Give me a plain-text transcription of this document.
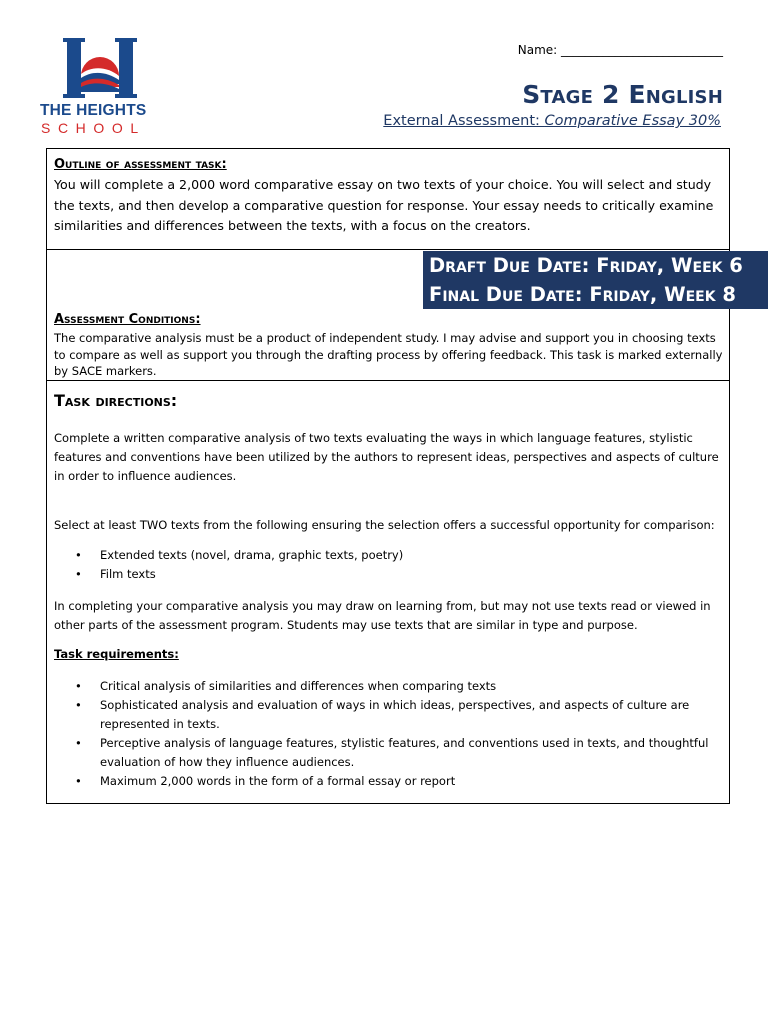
THE HEIGHTS
SCHOOL
Name: ___________________________
Stage 2 English
External Assessment: Comparative Essay 30%
Outline of assessment task:
You will complete a 2,000 word comparative essay on two texts of your choice. You will select and study the texts, and then develop a comparative question for response. Your essay needs to critically examine similarities and differences between the texts, with a focus on the creators.
Draft Due Date: Friday, Week 6
Final Due Date: Friday, Week 8
Assessment Conditions:
The comparative analysis must be a product of independent study. I may advise and support you in choosing texts to compare as well as support you through the drafting process by offering feedback. This task is marked externally by SACE markers.
Task directions:
Complete a written comparative analysis of two texts evaluating the ways in which language features, stylistic features and conventions have been utilized by the authors to represent ideas, perspectives and aspects of culture in order to influence audiences.
Select at least TWO texts from the following ensuring the selection offers a successful opportunity for comparison:
• Extended texts (novel, drama, graphic texts, poetry)
• Film texts
In completing your comparative analysis you may draw on learning from, but may not use texts read or viewed in other parts of the assessment program. Students may use texts that are similar in type and purpose.
Task requirements:
• Critical analysis of similarities and differences when comparing texts
• Sophisticated analysis and evaluation of ways in which ideas, perspectives, and aspects of culture are represented in texts.
• Perceptive analysis of language features, stylistic features, and conventions used in texts, and thoughtful evaluation of how they influence audiences.
• Maximum 2,000 words in the form of a formal essay or report
